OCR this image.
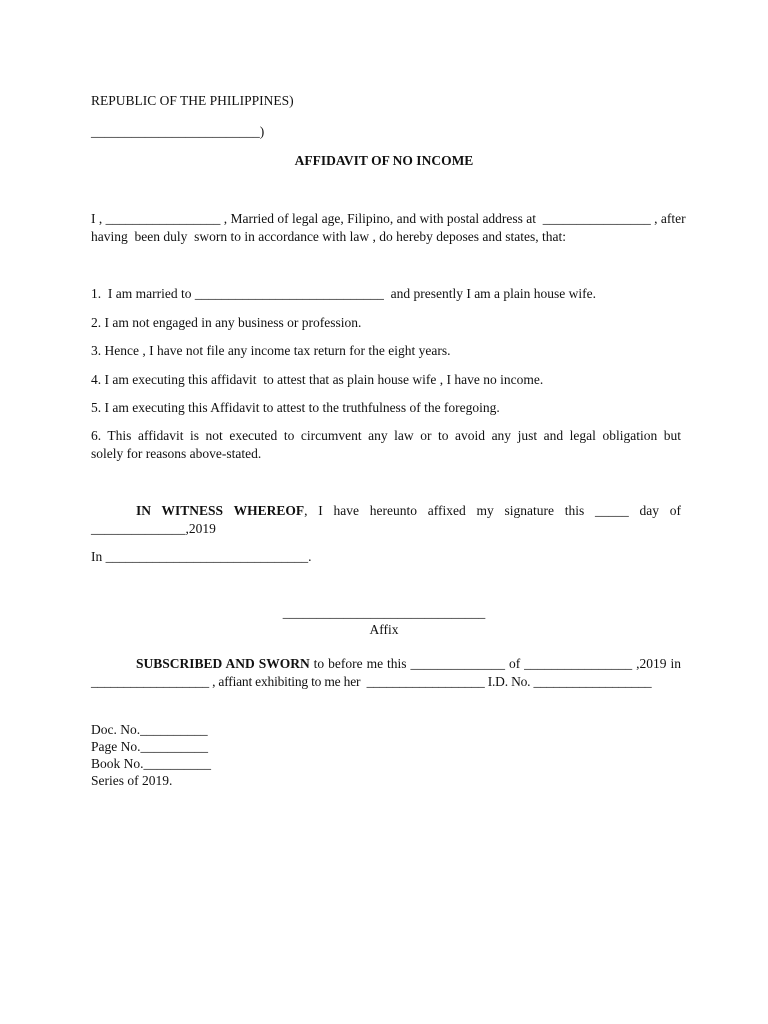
REPUBLIC OF THE PHILIPPINES)
_________________________)
AFFIDAVIT OF NO INCOME
I , _________________ , Married of legal age, Filipino, and with postal address at  ________________ , after
having  been duly  sworn to in accordance with law , do hereby deposes and states, that:
1.  I am married to ____________________________  and presently I am a plain house wife.
2. I am not engaged in any business or profession.
3. Hence , I have not file any income tax return for the eight years.
4. I am executing this affidavit  to attest that as plain house wife , I have no income.
5. I am executing this Affidavit to attest to the truthfulness of the foregoing.
6. This affidavit is not executed to circumvent any law or to avoid any just and legal obligation but
solely for reasons above-stated.
IN WITNESS WHEREOF, I have hereunto affixed my signature this _____ day of
______________,2019
In ______________________________.
______________________________
Affix
SUBSCRIBED AND SWORN to before me this ______________ of ________________ ,2019 in
__________________ , affiant exhibiting to me her  __________________ I.D. No. __________________
Doc. No.__________
Page No.__________
Book No.__________
Series of 2019.
